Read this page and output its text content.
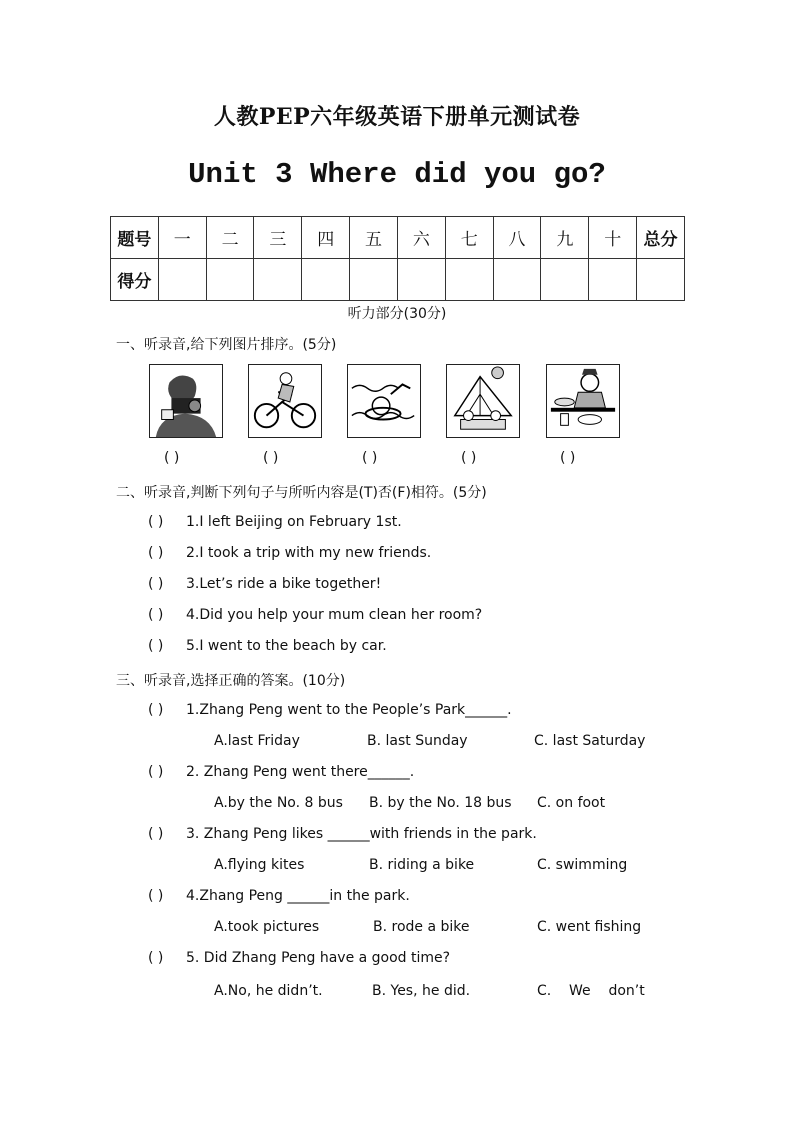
人教PEP六年级英语下册单元测试卷
Unit 3 Where did you go?
题号	一	二	三	四	五	六	七	八	九	十	总分
得分											
听力部分(30分)
一、听录音,给下列图片排序。(5分)
( )	( )	( )	( )	( )
二、听录音,判断下列句子与所听内容是(T)否(F)相符。(5分)
( ) 1.I left Beijing on February 1st.
( ) 2.I took a trip with my new friends.
( ) 3.Let’s ride a bike together!
( ) 4.Did you help your mum clean her room?
( ) 5.I went to the beach by car.
三、听录音,选择正确的答案。(10分)
( ) 1.Zhang Peng went to the People’s Park______.
A.last Friday	B. last Sunday	C. last Saturday
( ) 2. Zhang Peng went there______.
A.by the No. 8 bus B. by the No. 18 bus C. on foot
( ) 3. Zhang Peng likes ______with friends in the park.
A.flying kites	B. riding a bike	C. swimming
( ) 4.Zhang Peng ______in the park.
A.took pictures	B. rode a bike	C. went fishing
( ) 5. Did Zhang Peng have a good time?
A.No, he didn’t.	B. Yes, he did.	C.    We    don’t
